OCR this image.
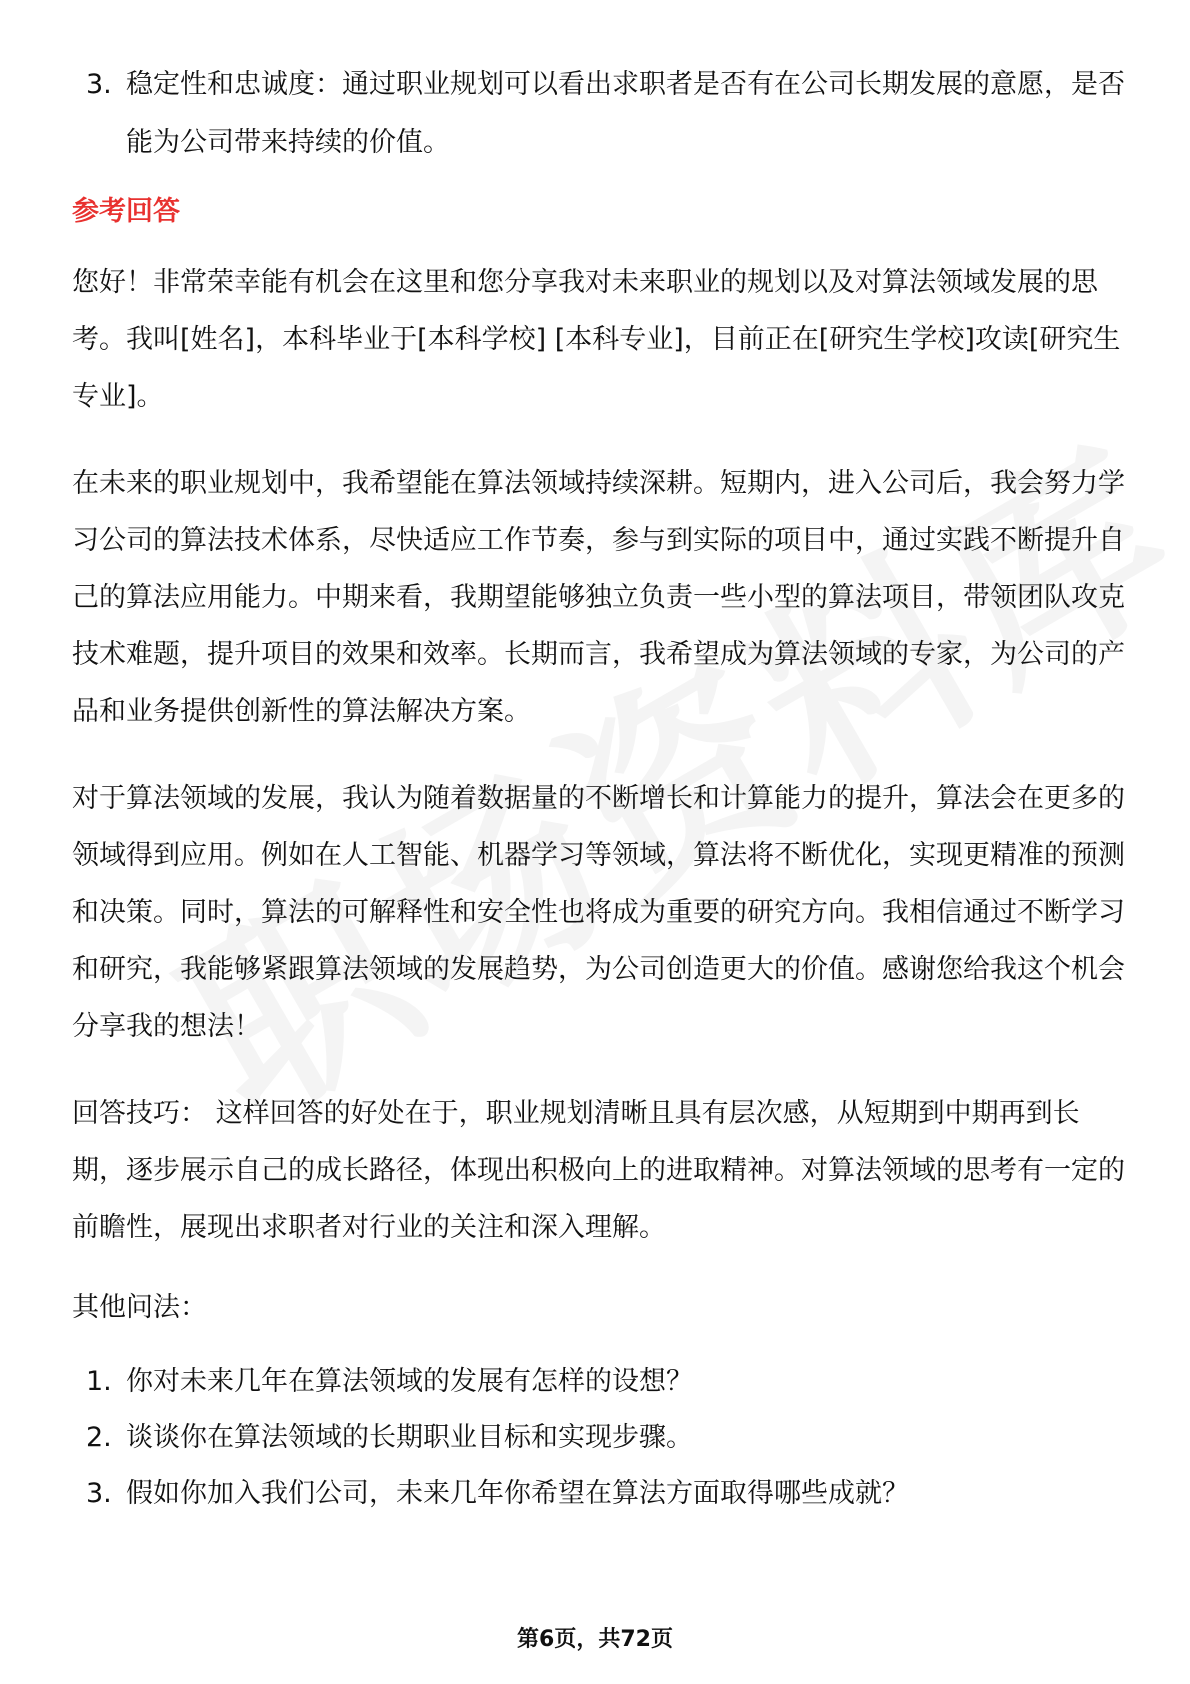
3. 稳定性和忠诚度：通过职业规划可以看出求职者是否有在公司长期发展的意愿，是否能为公司带来持续的价值。
参考回答

您好！非常荣幸能有机会在这里和您分享我对未来职业的规划以及对算法领域发展的思考。我叫[姓名]，本科毕业于[本科学校] [本科专业]，目前正在[研究生学校]攻读[研究生专业]。

在未来的职业规划中，我希望能在算法领域持续深耕。短期内，进入公司后，我会努力学习公司的算法技术体系，尽快适应工作节奏，参与到实际的项目中，通过实践不断提升自己的算法应用能力。中期来看，我期望能够独立负责一些小型的算法项目，带领团队攻克技术难题，提升项目的效果和效率。长期而言，我希望成为算法领域的专家，为公司的产品和业务提供创新性的算法解决方案。

对于算法领域的发展，我认为随着数据量的不断增长和计算能力的提升，算法会在更多的领域得到应用。例如在人工智能、机器学习等领域，算法将不断优化，实现更精准的预测和决策。同时，算法的可解释性和安全性也将成为重要的研究方向。我相信通过不断学习和研究，我能够紧跟算法领域的发展趋势，为公司创造更大的价值。感谢您给我这个机会分享我的想法！

回答技巧： 这样回答的好处在于，职业规划清晰且具有层次感，从短期到中期再到长期，逐步展示自己的成长路径，体现出积极向上的进取精神。对算法领域的思考有一定的前瞻性，展现出求职者对行业的关注和深入理解。

其他问法：
1. 你对未来几年在算法领域的发展有怎样的设想？
2. 谈谈你在算法领域的长期职业目标和实现步骤。
3. 假如你加入我们公司，未来几年你希望在算法方面取得哪些成就？
第6页，共72页
